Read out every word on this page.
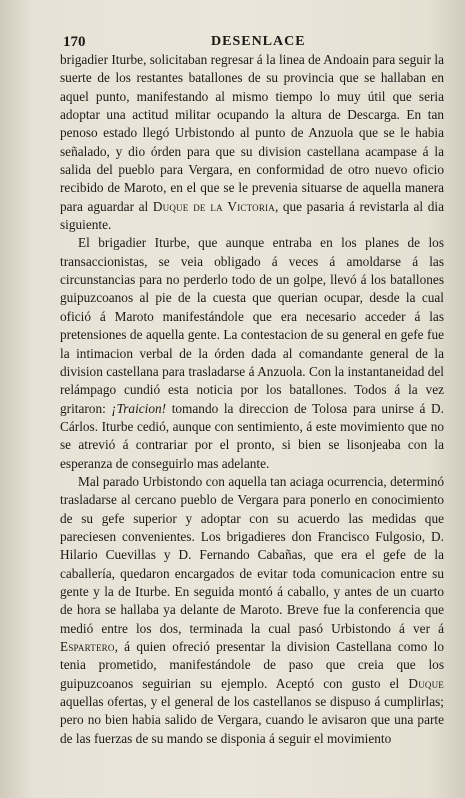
170	DESENLACE

brigadier Iturbe, solicitaban regresar á la linea de Andoain para seguir la suerte de los restantes batallones de su provincia que se hallaban en aquel punto, manifestando al mismo tiempo lo muy útil que seria adoptar una actitud militar ocupando la altura de Descarga. En tan penoso estado llegó Urbistondo al punto de Anzuola que se le habia señalado, y dio órden para que su division castellana acampase á la salida del pueblo para Vergara, en conformidad de otro nuevo oficio recibido de Maroto, en el que se le prevenia situarse de aquella manera para aguardar al Duque de la Victoria, que pasaria á revistarla al dia siguiente.

El brigadier Iturbe, que aunque entraba en los planes de los transaccionistas, se veia obligado á veces á amoldarse á las circunstancias para no perderlo todo de un golpe, llevó á los batallones guipuzcoanos al pie de la cuesta que querian ocupar, desde la cual ofició á Maroto manifestándole que era necesario acceder á las pretensiones de aquella gente. La contestacion de su general en gefe fue la intimacion verbal de la órden dada al comandante general de la division castellana para trasladarse á Anzuola. Con la instantaneidad del relámpago cundió esta noticia por los batallones. Todos á la vez gritaron: ¡Traicion! tomando la direccion de Tolosa para unirse á D. Cárlos. Iturbe cedió, aunque con sentimiento, á este movimiento que no se atrevió á contrariar por el pronto, si bien se lisonjeaba con la esperanza de conseguirlo mas adelante.

Mal parado Urbistondo con aquella tan aciaga ocurrencia, determinó trasladarse al cercano pueblo de Vergara para ponerlo en conocimiento de su gefe superior y adoptar con su acuerdo las medidas que pareciesen convenientes. Los brigadieres don Francisco Fulgosio, D. Hilario Cuevillas y D. Fernando Cabañas, que era el gefe de la caballería, quedaron encargados de evitar toda comunicacion entre su gente y la de Iturbe. En seguida montó á caballo, y antes de un cuarto de hora se hallaba ya delante de Maroto. Breve fue la conferencia que medió entre los dos, terminada la cual pasó Urbistondo á ver á Espartero, á quien ofreció presentar la division Castellana como lo tenia prometido, manifestándole de paso que creia que los guipuzcoanos seguirian su ejemplo. Aceptó con gusto el Duque aquellas ofertas, y el general de los castellanos se dispuso á cumplirlas; pero no bien habia salido de Vergara, cuando le avisaron que una parte de las fuerzas de su mando se disponia á seguir el movimiento
